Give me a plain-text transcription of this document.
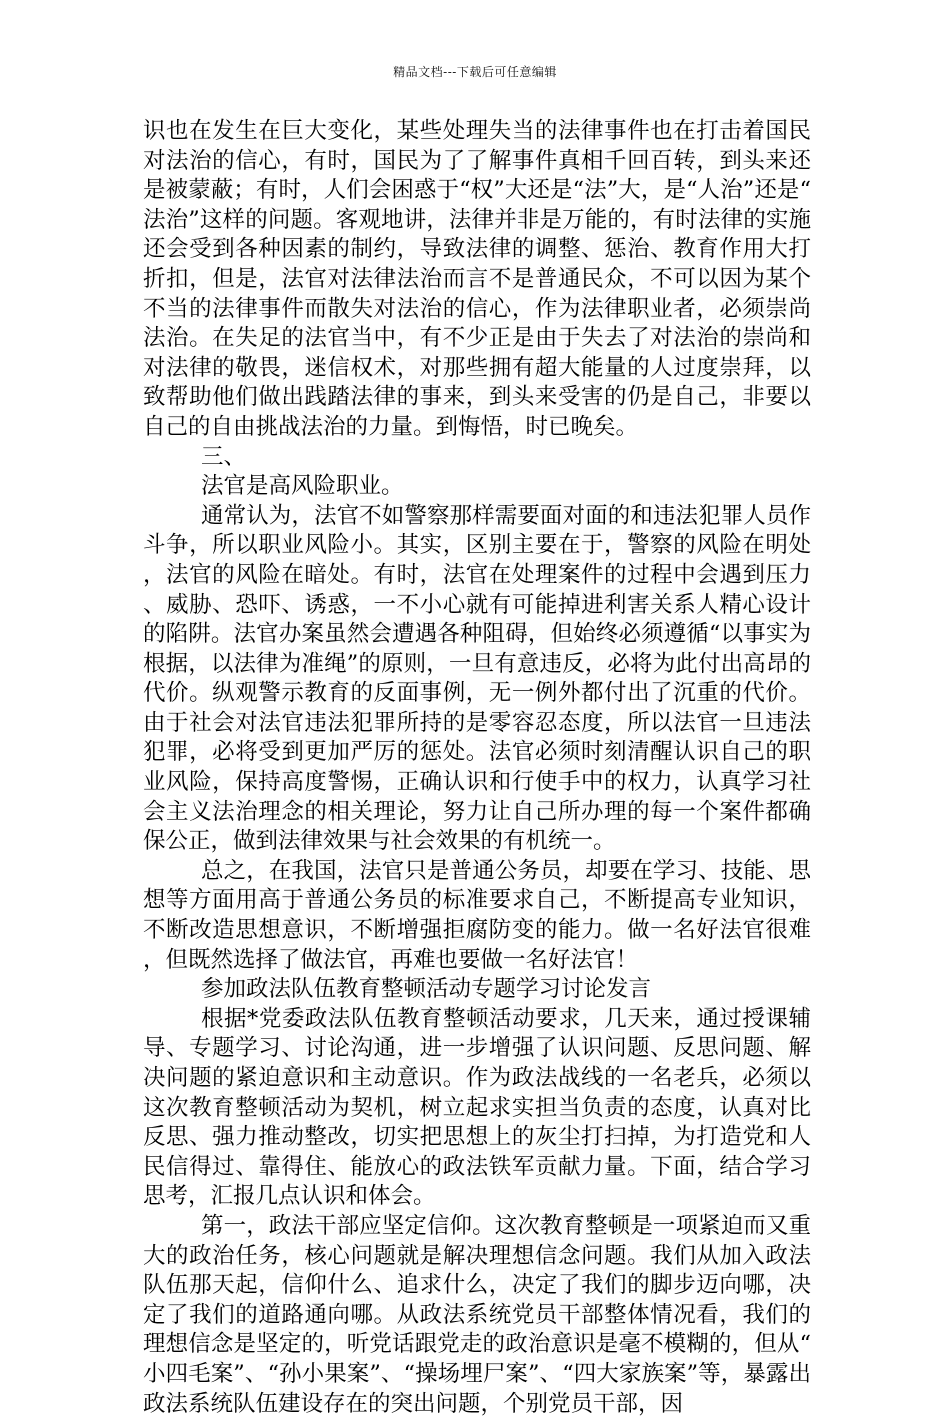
精品文档---下载后可任意编辑

识也在发生在巨大变化，某些处理失当的法律事件也在打击着国民对法治的信心，有时，国民为了了解事件真相千回百转，到头来还是被蒙蔽；有时，人们会困惑于“权”大还是“法”大，是“人治”还是“法治”这样的问题。客观地讲，法律并非是万能的，有时法律的实施还会受到各种因素的制约，导致法律的调整、惩治、教育作用大打折扣，但是，法官对法律法治而言不是普通民众，不可以因为某个不当的法律事件而散失对法治的信心，作为法律职业者，必须崇尚法治。在失足的法官当中，有不少正是由于失去了对法治的崇尚和对法律的敬畏，迷信权术，对那些拥有超大能量的人过度崇拜，以致帮助他们做出践踏法律的事来，到头来受害的仍是自己，非要以自己的自由挑战法治的力量。到悔悟，时已晚矣。

三、

法官是高风险职业。

通常认为，法官不如警察那样需要面对面的和违法犯罪人员作斗争，所以职业风险小。其实，区别主要在于，警察的风险在明处，法官的风险在暗处。有时，法官在处理案件的过程中会遇到压力、威胁、恐吓、诱惑，一不小心就有可能掉进利害关系人精心设计的陷阱。法官办案虽然会遭遇各种阻碍，但始终必须遵循“以事实为根据，以法律为准绳”的原则，一旦有意违反，必将为此付出高昂的代价。纵观警示教育的反面事例，无一例外都付出了沉重的代价。由于社会对法官违法犯罪所持的是零容忍态度，所以法官一旦违法犯罪，必将受到更加严厉的惩处。法官必须时刻清醒认识自己的职业风险，保持高度警惕，正确认识和行使手中的权力，认真学习社会主义法治理念的相关理论，努力让自己所办理的每一个案件都确保公正，做到法律效果与社会效果的有机统一。

总之，在我国，法官只是普通公务员，却要在学习、技能、思想等方面用高于普通公务员的标准要求自己，不断提高专业知识，不断改造思想意识，不断增强拒腐防变的能力。做一名好法官很难，但既然选择了做法官，再难也要做一名好法官！

参加政法队伍教育整顿活动专题学习讨论发言

根据*党委政法队伍教育整顿活动要求，几天来，通过授课辅导、专题学习、讨论沟通，进一步增强了认识问题、反思问题、解决问题的紧迫意识和主动意识。作为政法战线的一名老兵，必须以这次教育整顿活动为契机，树立起求实担当负责的态度，认真对比反思、强力推动整改，切实把思想上的灰尘打扫掉，为打造党和人民信得过、靠得住、能放心的政法铁军贡献力量。下面，结合学习思考，汇报几点认识和体会。

第一，政法干部应坚定信仰。这次教育整顿是一项紧迫而又重大的政治任务，核心问题就是解决理想信念问题。我们从加入政法队伍那天起，信仰什么、追求什么，决定了我们的脚步迈向哪，决定了我们的道路通向哪。从政法系统党员干部整体情况看，我们的理想信念是坚定的，听党话跟党走的政治意识是毫不模糊的，但从“小四毛案”、“孙小果案”、“操场埋尸案”、“四大家族案”等，暴露出政法系统队伍建设存在的突出问题，个别党员干部，因
